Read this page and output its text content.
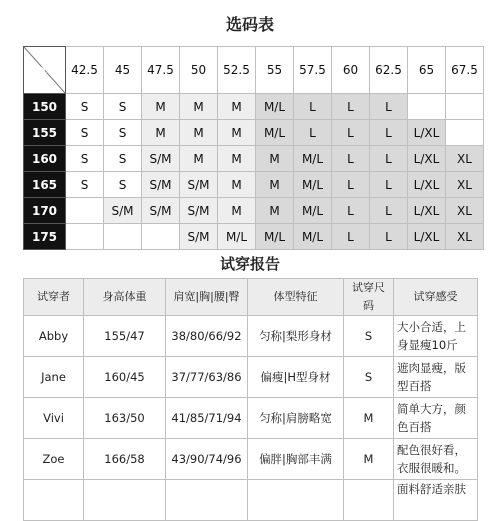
选码表
体重
(kg)
身高
(cm)	42.5	45	47.5	50	52.5	55	57.5	60	62.5	65	67.5
150	S	S	M	M	M	M/L	L	L	L		
155	S	S	M	M	M	M/L	L	L	L	L/XL	
160	S	S	S/M	M	M	M	M/L	L	L	L/XL	XL
165	S	S	S/M	S/M	M	M	M/L	L	L	L/XL	XL
170		S/M	S/M	S/M	M	M	M/L	L	L	L/XL	XL
175				S/M	M/L	M/L	M/L	L	L	L/XL	XL
试穿报告
试穿者	身高体重	肩宽|胸|腰|臀	体型特征	试穿尺码	试穿感受
Abby	155/47	38/80/66/92	匀称|梨形身材	S	大小合适，上身显瘦10斤
Jane	160/45	37/77/63/86	偏瘦|H型身材	S	遮肉显瘦，版型百搭
Vivi	163/50	41/85/71/94	匀称|肩膀略宽	M	简单大方，颜色百搭
Zoe	166/58	43/90/74/96	偏胖|胸部丰满	M	配色很好看，衣服很暖和。
					面料舒适亲肤
